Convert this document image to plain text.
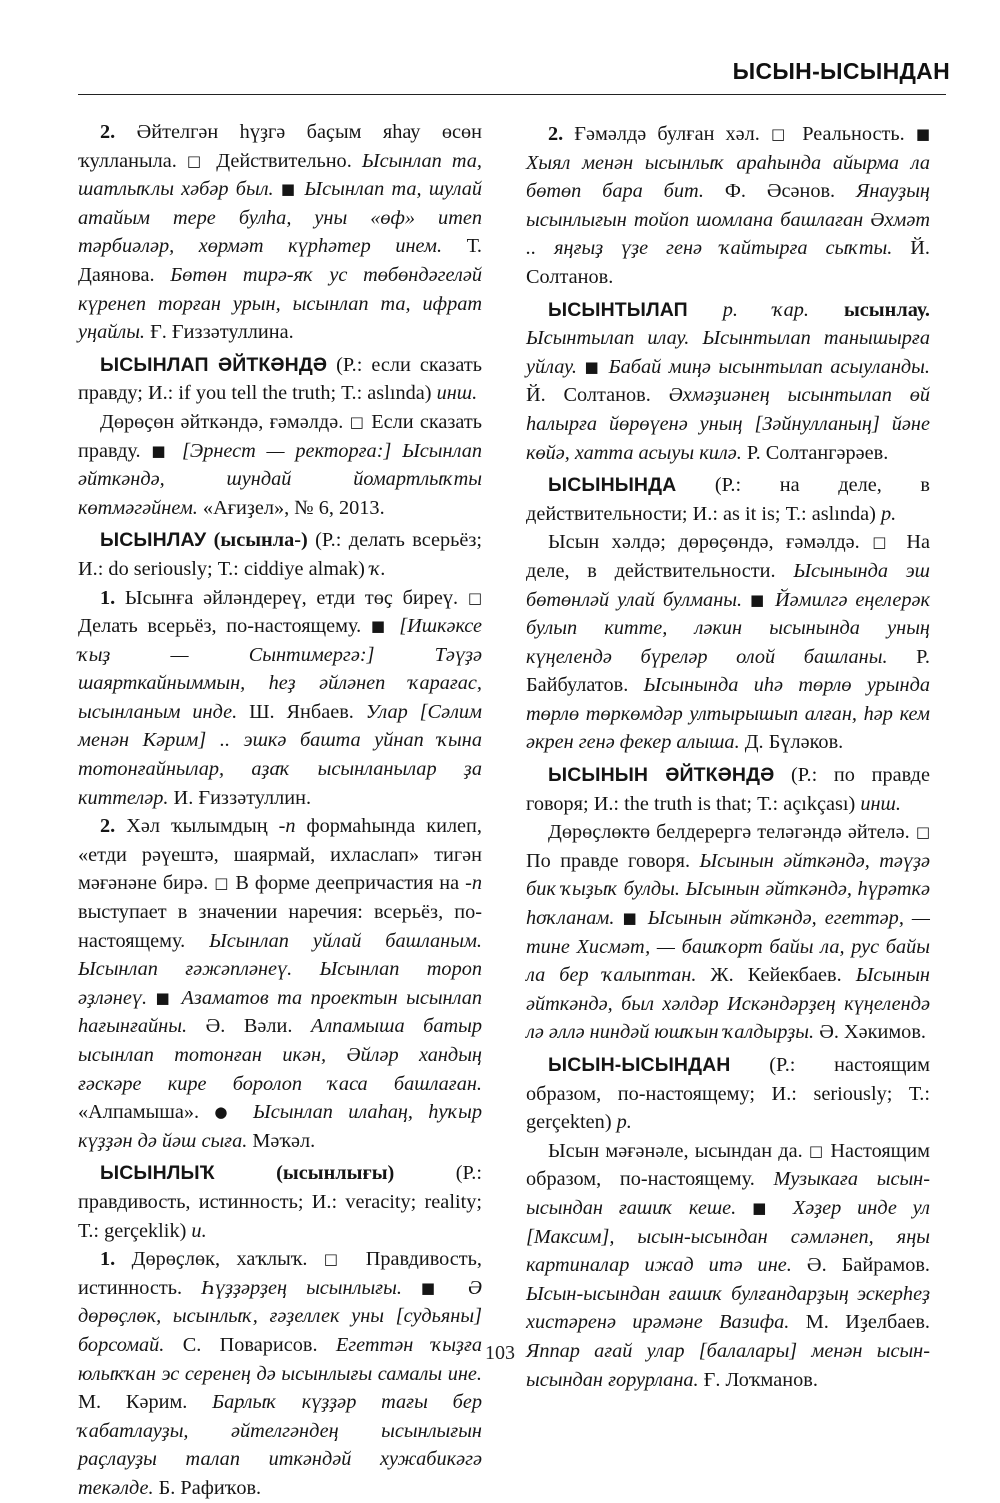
ЫСЫН-ЫСЫНДАН

2. Әйтелгән һүҙгә баҫым яһау өсөн ҡулланыла. □ Действительно. Ысынлап та, шатлыҡлы хәбәр был. ■ Ысынлап та, шулай атайым тере булһа, уны «өф» итеп тәрбиәләр, хөрмәт күрһәтер инем. Т. Даянова. Бөтөн тирә-яҡ ус төбөндәгеләй күренеп торған урын, ысынлап та, ифрат уңайлы. Ғ. Ғиззәтуллина.

ЫСЫНЛАП ӘЙТКӘНДӘ (Р.: если сказать правду; И.: if you tell the truth; Т.: aslında) инш.

Дөрөҫөн әйткәндә, ғәмәлдә. □ Если сказать правду. ■ [Эрнест — ректорға:] Ысынлап әйткәндә, шундай йомартлыҡты көтмәгәйнем. «Ағиҙел», № 6, 2013.

ЫСЫНЛАУ (ысынла-) (Р.: делать всерьёз; И.: do seriously; Т.: ciddiye almak) ҡ.

1. Ысынға әйләндереү, етди төҫ биреү. □ Делать всерьёз, по-настоящему. ■ [Ишкәксе ҡыҙ — Сынтимергә:] Тәүҙә шаярткайныммын, һеҙ әйләнеп ҡарағас, ысынланым инде. Ш. Янбаев. Улар [Сәлим менән Кәрим] .. эшкә башта уйнап ҡына тотонғайнылар, аҙаҡ ысынланылар ҙа киттеләр. И. Ғиззәтуллин.

2. Хәл ҡылымдың -п формаһында килеп, «етди рәүештә, шаярмай, ихласлап» тигән мәғәнәне бирә. □ В форме деепричастия на -п выступает в значении наречия: всерьёз, по-настоящему. Ысынлап уйлай башланым. Ысынлап ғәжәпләнеү. Ысынлап тороп әҙләнеү. ■ Азаматов та проектын ысынлап һағынғайны. Ә. Вәли. Алпамыша батыр ысынлап тотонған икән, Әйләр хандың ғәскәре кире боролоп ҡаса башлаған. «Алпамыша». ● Ысынлап илаһаң, һуҡыр күҙҙән дә йәш сыға. Мәҡәл.

ЫСЫНЛЫҠ (ысынлығы) (Р.: правдивость, истинность; И.: veracity; reality; Т.: gerçeklik) и.

1. Дөрөҫлөк, хаҡлыҡ. □ Правдивость, истинность. Һүҙҙәрҙең ысынлығы. ■ Ә дөрөҫлөк, ысынлыҡ, ғәҙеллек уны [судьяны] борсомай. С. Поварисов. Егеттән ҡыҙға юлыҡҡан эс серенең дә ысынлығы самалы ине. М. Кәрим. Барлыҡ күҙҙәр тағы бер ҡабатлауҙы, әйтелгәндең ысынлығын раҫлауҙы талап иткәндәй хужабикәгә текәлде. Б. Рафиҡов.

2. Ғәмәлдә булған хәл. □ Реальность. ■ Хыял менән ысынлыҡ араһында айырма ла бөтөп бара бит. Ф. Әсәнов. Янауҙың ысынлығын тойоп шомлана башлаған Әхмәт .. яңғыҙ үҙе генә ҡайтырға сыҡты. Й. Солтанов.

ЫСЫНТЫЛАП р. ҡар. ысынлау. Ысынтылап илау. Ысынтылап танышырға уйлау. ■ Бабай миңә ысынтылап асыуланды. Й. Солтанов. Әхмәҙиәнең ысынтылап өй һалырға йөрөүенә уның [Зәйнулланың] йәне көйә, хатта асыуы килә. Р. Солтангәрәев.

ЫСЫНЫНДА (Р.: на деле, в действительности; И.: as it is; Т.: aslında) р.

Ысын хәлдә; дөрөҫөндә, ғәмәлдә. □ На деле, в действительности. Ысынында эш бөтөнләй улай булманы. ■ Йәмилгә еңелерәк булып китте, ләкин ысынында уның күңелендә бүреләр олой башланы. Р. Байбулатов. Ысынында иһә төрлө урында төрлө төркөмдәр ултырышып алған, һәр кем әкрен генә фекер алыша. Д. Бүләков.

ЫСЫНЫН ӘЙТКӘНДӘ (Р.: по правде говоря; И.: the truth is that; Т.: açıkçası) инш.

Дөрөҫлөктө белдерергә теләгәндә әйтелә. □ По правде говоря. Ысынын әйткәндә, тәүҙә бик ҡыҙыҡ булды. Ысынын әйткәндә, һүрәткә һоҡланам. ■ Ысынын әйткәндә, егеттәр, — тине Хисмәт, — башҡорт байы ла, рус байы ла бер ҡалыптан. Ж. Кейекбаев. Ысынын әйткәндә, был хәлдәр Искәндәрҙең күңелендә лә әллә ниндәй юшҡын ҡалдырҙы. Ә. Хәкимов.

ЫСЫН-ЫСЫНДАН (Р.: настоящим образом, по-настоящему; И.: seriously; Т.: gerçekten) р.

Ысын мәғәнәле, ысындан да. □ Настоящим образом, по-настоящему. Музыкаға ысын-ысындан ғашиҡ кеше. ■ Хәҙер инде ул [Максим], ысын-ысындан сәмләнеп, яңы картиналар ижад итә ине. Ә. Байрамов. Ысын-ысындан ғашиҡ булғандарҙың эскерһеҙ хистәренә ирәмәне Вазифа. М. Иҙелбаев. Яппар ағай улар [балалары] менән ысын-ысындан ғорурлана. Ғ. Лоҡманов.

103
